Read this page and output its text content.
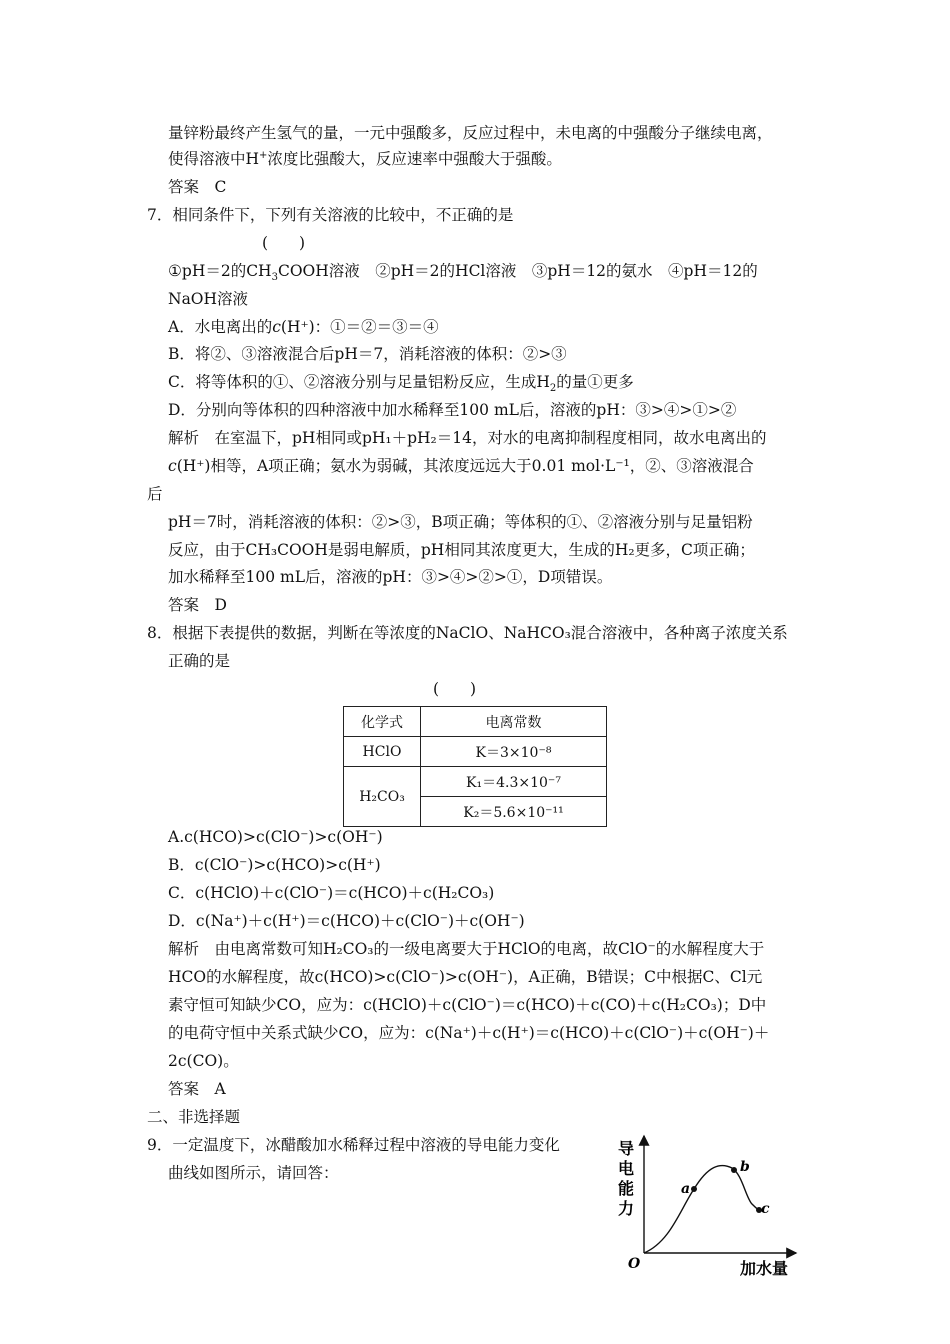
量锌粉最终产生氢气的量，一元中强酸多，反应过程中，未电离的中强酸分子继续电离，
使得溶液中H+浓度比强酸大，反应速率中强酸大于强酸。
答案　C
7．相同条件下，下列有关溶液的比较中，不正确的是
(　　)
①pH＝2的$CH_3COOH$溶液　②pH＝2的HCl溶液　③pH＝12的氨水　④pH＝12的
NaOH溶液
A．水电离出的c(H⁺)：①＝②＝③＝④
B．将②、③溶液混合后pH＝7，消耗溶液的体积：②>③
C．将等体积的①、②溶液分别与足量铝粉反应，生成$H_2$的量①更多
D．分别向等体积的四种溶液中加水稀释至100 mL后，溶液的pH：③>④>①>②
解析　在室温下，pH相同或pH₁＋pH₂＝14，对水的电离抑制程度相同，故水电离出的
c(H⁺)相等，A项正确；氨水为弱碱，其浓度远远大于0.01 mol·L⁻¹，②、③溶液混合
后
pH＝7时，消耗溶液的体积：②>③，B项正确；等体积的①、②溶液分别与足量铝粉
反应，由于CH₃COOH是弱电解质，pH相同其浓度更大，生成的H₂更多，C项正确；
加水稀释至100 mL后，溶液的pH：③>④>②>①，D项错误。
答案　D
8．根据下表提供的数据，判断在等浓度的NaClO、NaHCO₃混合溶液中，各种离子浓度关系
正确的是
(　　)
化学式	电离常数
HClO	K＝3×10⁻⁸
H₂CO₃	K₁＝4.3×10⁻⁷
	K₂＝5.6×10⁻¹¹
A.c(HCO)>c(ClO⁻)>c(OH⁻)
B．c(ClO⁻)>c(HCO)>c(H⁺)
C．c(HClO)＋c(ClO⁻)＝c(HCO)＋c(H₂CO₃)
D．c(Na⁺)＋c(H⁺)＝c(HCO)＋c(ClO⁻)＋c(OH⁻)
解析　由电离常数可知H₂CO₃的一级电离要大于HClO的电离，故ClO⁻的水解程度大于
HCO的水解程度，故c(HCO)>c(ClO⁻)>c(OH⁻)，A正确，B错误；C中根据C、Cl元
素守恒可知缺少CO，应为：c(HClO)＋c(ClO⁻)＝c(HCO)＋c(CO)＋c(H₂CO₃)；D中
的电荷守恒中关系式缺少CO，应为：c(Na⁺)＋c(H⁺)＝c(HCO)＋c(ClO⁻)＋c(OH⁻)＋
2c(CO)。
答案　A
二、非选择题
9．一定温度下，冰醋酸加水稀释过程中溶液的导电能力变化
曲线如图所示，请回答：
a
b
c
导
电
能
力
O	加水量
